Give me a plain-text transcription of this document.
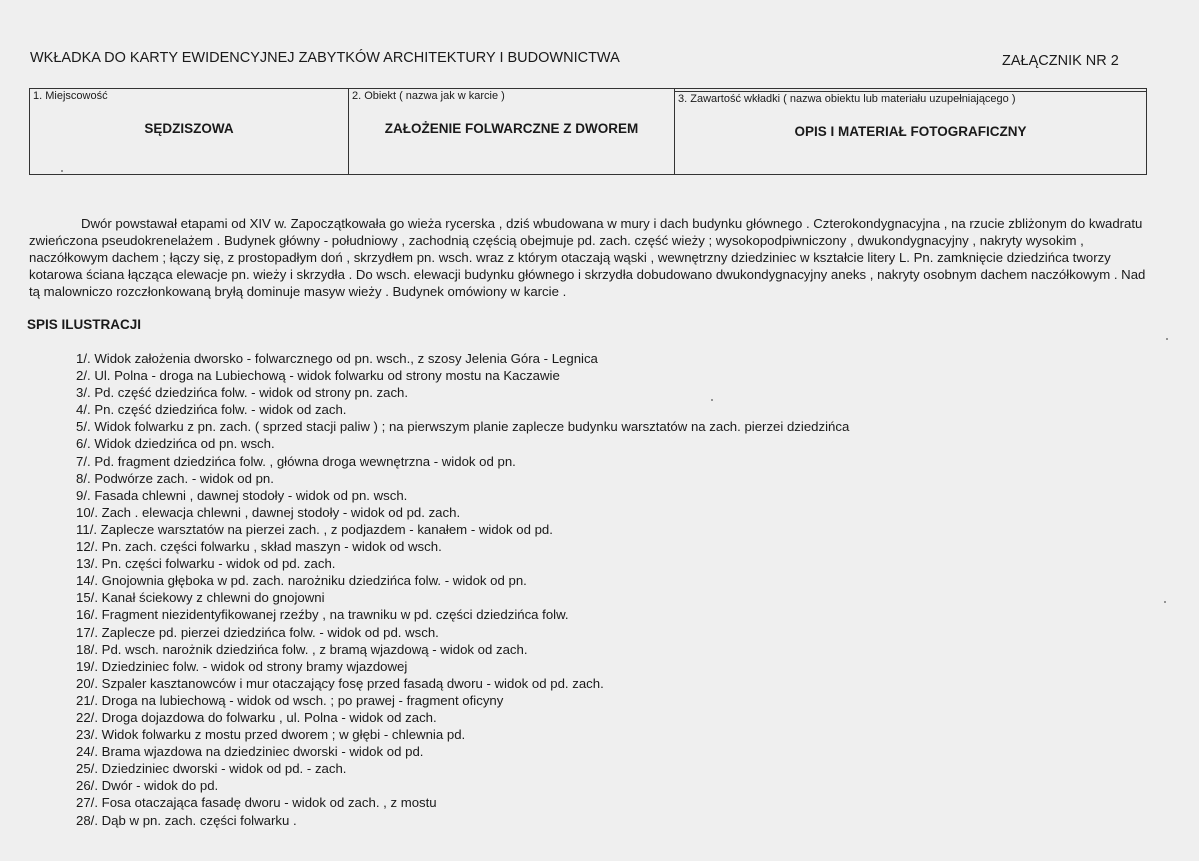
WKŁADKA DO KARTY EWIDENCYJNEJ ZABYTKÓW ARCHITEKTURY I BUDOWNICTWA	ZAŁĄCZNIK NR 2
1. Miejscowość
SĘDZISZOWA
2. Obiekt ( nazwa jak w karcie )
ZAŁOŻENIE FOLWARCZNE Z DWOREM
3. Zawartość wkładki ( nazwa obiektu lub materiału uzupełniającego )
OPIS I MATERIAŁ FOTOGRAFICZNY

Dwór powstawał etapami od XIV w. Zapoczątkowała go wieża rycerska , dziś wbudowana w mury i dach budynku głównego . Czterokondygnacyjna , na rzucie zbliżonym do kwadratu zwieńczona pseudokrenelażem . Budynek główny - południowy , zachodnią częścią obejmuje pd. zach. część wieży ; wysokopodpiwniczony , dwukondygnacyjny , nakryty wysokim , naczółkowym dachem ; łączy się, z prostopadłym doń , skrzydłem pn. wsch. wraz z którym otaczają wąski , wewnętrzny dziedziniec w kształcie litery L. Pn. zamknięcie dziedzińca tworzy kotarowa ściana łącząca elewacje pn. wieży i skrzydła . Do wsch. elewacji budynku głównego i skrzydła dobudowano dwukondygnacyjny aneks , nakryty osobnym dachem naczółkowym . Nad tą malowniczo rozczłonkowaną bryłą dominuje masyw wieży . Budynek omówiony w karcie .

SPIS ILUSTRACJI
1/. Widok założenia dworsko - folwarcznego od pn. wsch., z szosy Jelenia Góra - Legnica
2/. Ul. Polna - droga na Lubiechową - widok folwarku od strony mostu na Kaczawie
3/. Pd. część dziedzińca folw. - widok od strony pn. zach.
4/. Pn. część dziedzińca folw. - widok od zach.
5/. Widok folwarku z pn. zach. ( sprzed stacji paliw ) ; na pierwszym planie zaplecze budynku warsztatów na zach. pierzei dziedzińca
6/. Widok dziedzińca od pn. wsch.
7/. Pd. fragment dziedzińca folw. , główna droga wewnętrzna - widok od pn.
8/. Podwórze zach. - widok od pn.
9/. Fasada chlewni , dawnej stodoły - widok od pn. wsch.
10/. Zach . elewacja chlewni , dawnej stodoły - widok od pd. zach.
11/. Zaplecze warsztatów na pierzei zach. , z podjazdem - kanałem - widok od pd.
12/. Pn. zach. części folwarku , skład maszyn - widok od wsch.
13/. Pn. części folwarku - widok od pd. zach.
14/. Gnojownia głęboka w pd. zach. narożniku dziedzińca folw. - widok od pn.
15/. Kanał ściekowy z chlewni do gnojowni
16/. Fragment niezidentyfikowanej rzeźby , na trawniku w pd. części dziedzińca folw.
17/. Zaplecze pd. pierzei dziedzińca folw. - widok od pd. wsch.
18/. Pd. wsch. narożnik dziedzińca folw. , z bramą wjazdową - widok od zach.
19/. Dziedziniec folw. - widok od strony bramy wjazdowej
20/. Szpaler kasztanowców i mur otaczający fosę przed fasadą dworu - widok od pd. zach.
21/. Droga na lubiechową - widok od wsch. ; po prawej - fragment oficyny
22/. Droga dojazdowa do folwarku , ul. Polna - widok od zach.
23/. Widok folwarku z mostu przed dworem ; w głębi - chlewnia pd.
24/. Brama wjazdowa na dziedziniec dworski - widok od pd.
25/. Dziedziniec dworski - widok od pd. - zach.
26/. Dwór - widok do pd.
27/. Fosa otaczająca fasadę dworu - widok od zach. , z mostu
28/. Dąb w pn. zach. części folwarku .
